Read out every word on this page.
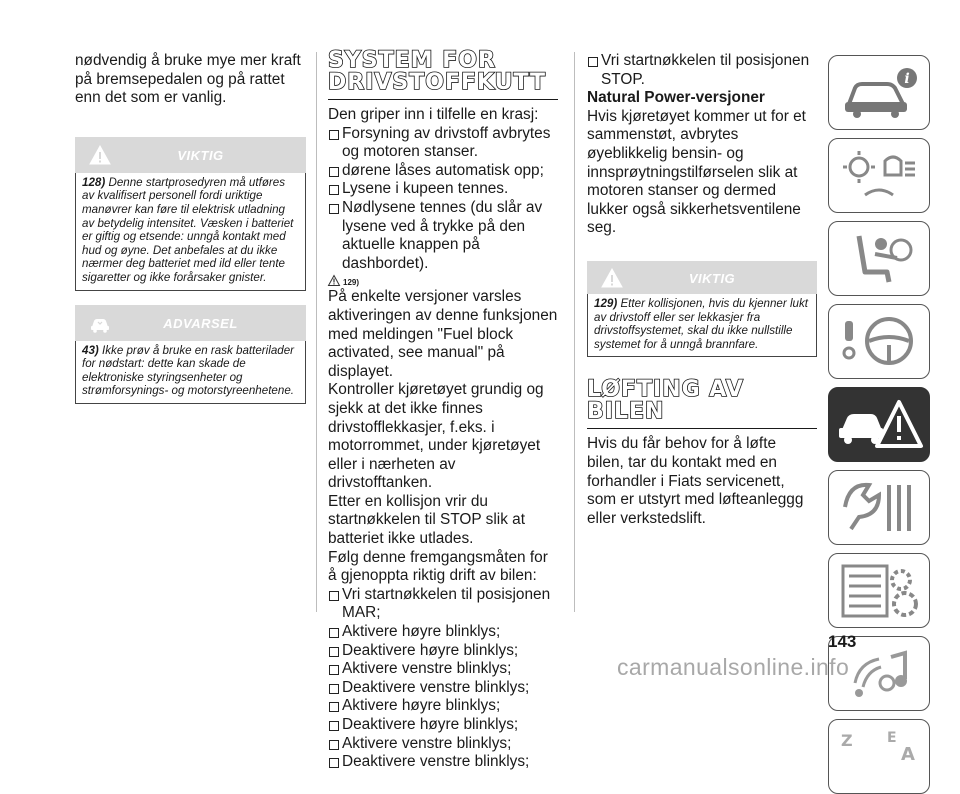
nødvendig å bruke mye mer kraft på bremsepedalen og på rattet enn det som er vanlig.

VIKTIG
128) Denne startprosedyren må utføres av kvalifisert personell fordi uriktige manøvrer kan føre til elektrisk utladning av betydelig intensitet. Væsken i batteriet er giftig og etsende: unngå kontakt med hud og øyne. Det anbefales at du ikke nærmer deg batteriet med ild eller tente sigaretter og ikke forårsaker gnister.
ADVARSEL
43) Ikke prøv å bruke en rask batterilader for nødstart: dette kan skade de elektroniske styringsenheter og strømforsynings- og motorstyreenhetene.
SYSTEM FOR DRIVSTOFFKUTT

Den griper inn i tilfelle en krasj:

Forsyning av drivstoff avbrytes og motoren stanser.
dørene låses automatisk opp;
Lysene i kupeen tennes.
Nødlysene tennes (du slår av lysene ved å trykke på den aktuelle knappen på dashbordet).
129)

På enkelte versjoner varsles aktiveringen av denne funksjonen med meldingen "Fuel block activated, see manual" på displayet.

Kontroller kjøretøyet grundig og sjekk at det ikke finnes drivstofflekkasjer, f.eks. i motorrommet, under kjøretøyet eller i nærheten av drivstofftanken.

Etter en kollisjon vrir du startnøkkelen til STOP slik at batteriet ikke utlades.

Følg denne fremgangsmåten for å gjenoppta riktig drift av bilen:

Vri startnøkkelen til posisjonen MAR;
Aktivere høyre blinklys;
Deaktivere høyre blinklys;
Aktivere venstre blinklys;
Deaktivere venstre blinklys;
Aktivere høyre blinklys;
Deaktivere høyre blinklys;
Aktivere venstre blinklys;
Deaktivere venstre blinklys;
Vri startnøkkelen til posisjonen STOP.

Natural Power-versjoner

Hvis kjøretøyet kommer ut for et sammenstøt, avbrytes øyeblikkelig bensin- og innsprøytningstilførselen slik at motoren stanser og dermed lukker også sikkerhetsventilene seg.

VIKTIG
129) Etter kollisjonen, hvis du kjenner lukt av drivstoff eller ser lekkasjer fra drivstoffsystemet, skal du ikke nullstille systemet for å unngå brannfare.
LØFTING AV BILEN

Hvis du får behov for å løfte bilen, tar du kontakt med en forhandler i Fiats servicenett, som er utstyrt med løfteanleggg eller verkstedslift.

i
Z E
A
143
carmanualsonline.info
